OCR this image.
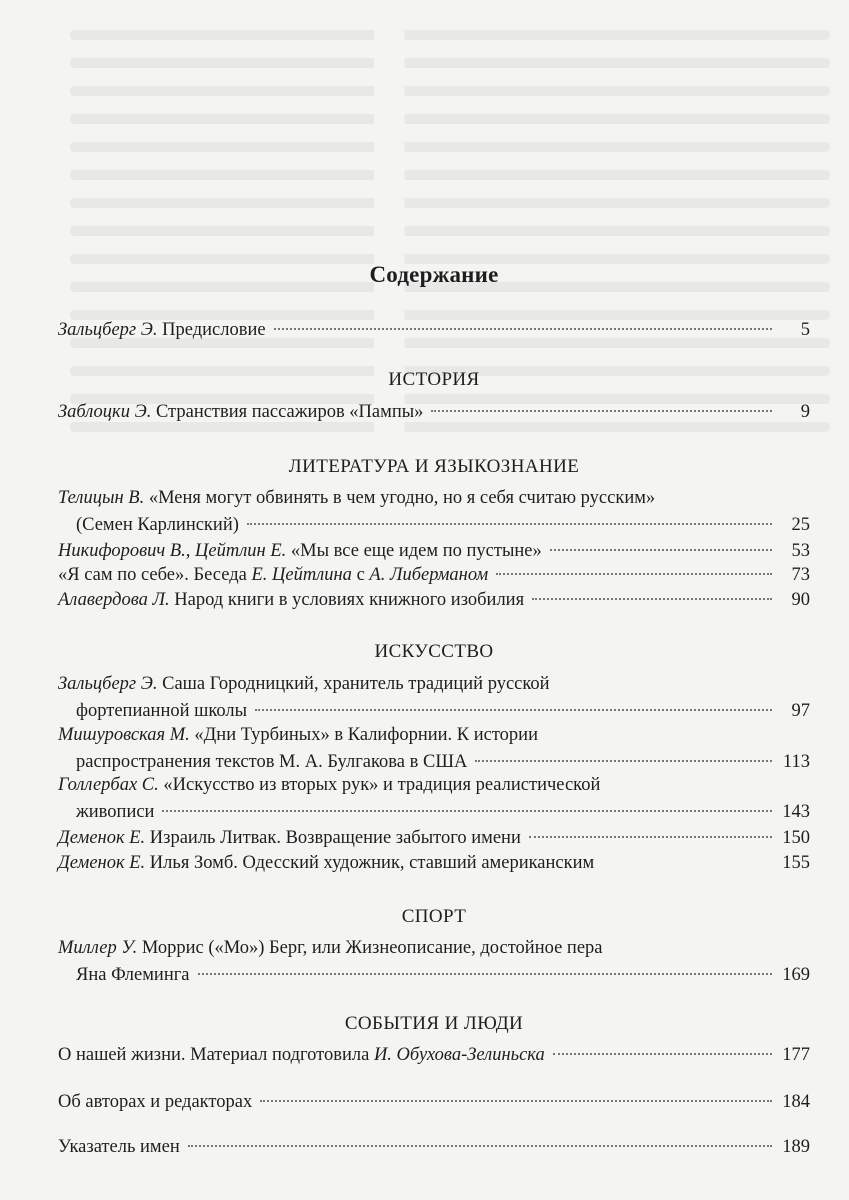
Содержание
Зальцберг Э. Предисловие	5
ИСТОРИЯ
Заблоцки Э. Странствия пассажиров «Пампы»	9
ЛИТЕРАТУРА И ЯЗЫКОЗНАНИЕ
Телицын В. «Меня могут обвинять в чем угодно, но я себя считаю русским»
(Семен Карлинский)	25
Никифорович В., Цейтлин Е. «Мы все еще идем по пустыне»	53
«Я сам по себе». Беседа Е. Цейтлина с А. Либерманом	73
Алавердова Л. Народ книги в условиях книжного изобилия	90
ИСКУССТВО
Зальцберг Э. Саша Городницкий, хранитель традиций русской
фортепианной школы	97
Мишуровская М. «Дни Турбиных» в Калифорнии. К истории
распространения текстов М. А. Булгакова в США	113
Голлербах С. «Искусство из вторых рук» и традиция реалистической
живописи	143
Деменок Е. Израиль Литвак. Возвращение забытого имени	150
Деменок Е. Илья Зомб. Одесский художник, ставший американским	155
СПОРТ
Миллер У. Моррис («Мо») Берг, или Жизнеописание, достойное пера
Яна Флеминга	169
СОБЫТИЯ И ЛЮДИ
О нашей жизни. Материал подготовила И. Обухова-Зелиньска	177
Об авторах и редакторах	184
Указатель имен	189
